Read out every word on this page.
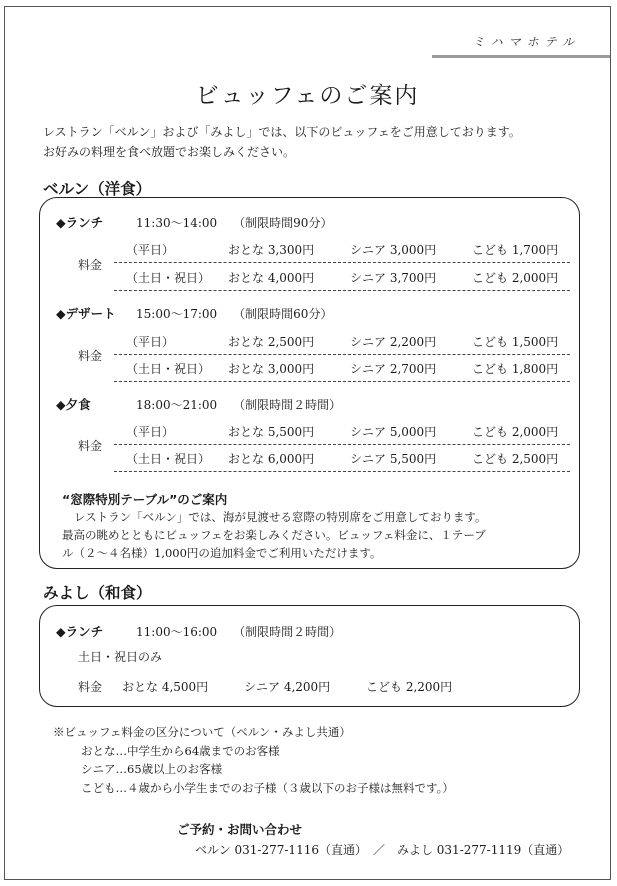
ミハマホテル
ビュッフェのご案内
レストラン「ベルン」および「みよし」では、以下のビュッフェをご用意しております。
お好みの料理を食べ放題でお楽しみください。
ベルン（洋食）
◆ランチ	11:30〜14:00 （制限時間90分）
料金
（平日）	おとな 3,300円	シニア 3,000円	こども 1,700円
（土日・祝日） おとな 4,000円	シニア 3,700円	こども 2,000円
◆デザート 15:00〜17:00 （制限時間60分）
料金
（平日）	おとな 2,500円	シニア 2,200円	こども 1,500円
（土日・祝日） おとな 3,000円	シニア 2,700円	こども 1,800円
◆夕食	18:00〜21:00 （制限時間２時間）
料金
（平日）	おとな 5,500円	シニア 5,000円	こども 2,000円
（土日・祝日） おとな 6,000円	シニア 5,500円	こども 2,500円
“窓際特別テーブル”のご案内
レストラン「ベルン」では、海が見渡せる窓際の特別席をご用意しております。
最高の眺めとともにビュッフェをお楽しみください。ビュッフェ料金に、１テーブ
ル（２〜４名様）1,000円の追加料金でご利用いただけます。
みよし（和食）
◆ランチ	11:00〜16:00 （制限時間２時間）
土日・祝日のみ
料金 おとな 4,500円	シニア 4,200円	こども 2,200円
※ビュッフェ料金の区分について（ベルン・みよし共通）
おとな…中学生から64歳までのお客様
シニア…65歳以上のお客様
こども…４歳から小学生までのお子様（３歳以下のお子様は無料です。）
ご予約・お問い合わせ
ベルン 031-277-1116（直通）　／　みよし 031-277-1119（直通）
